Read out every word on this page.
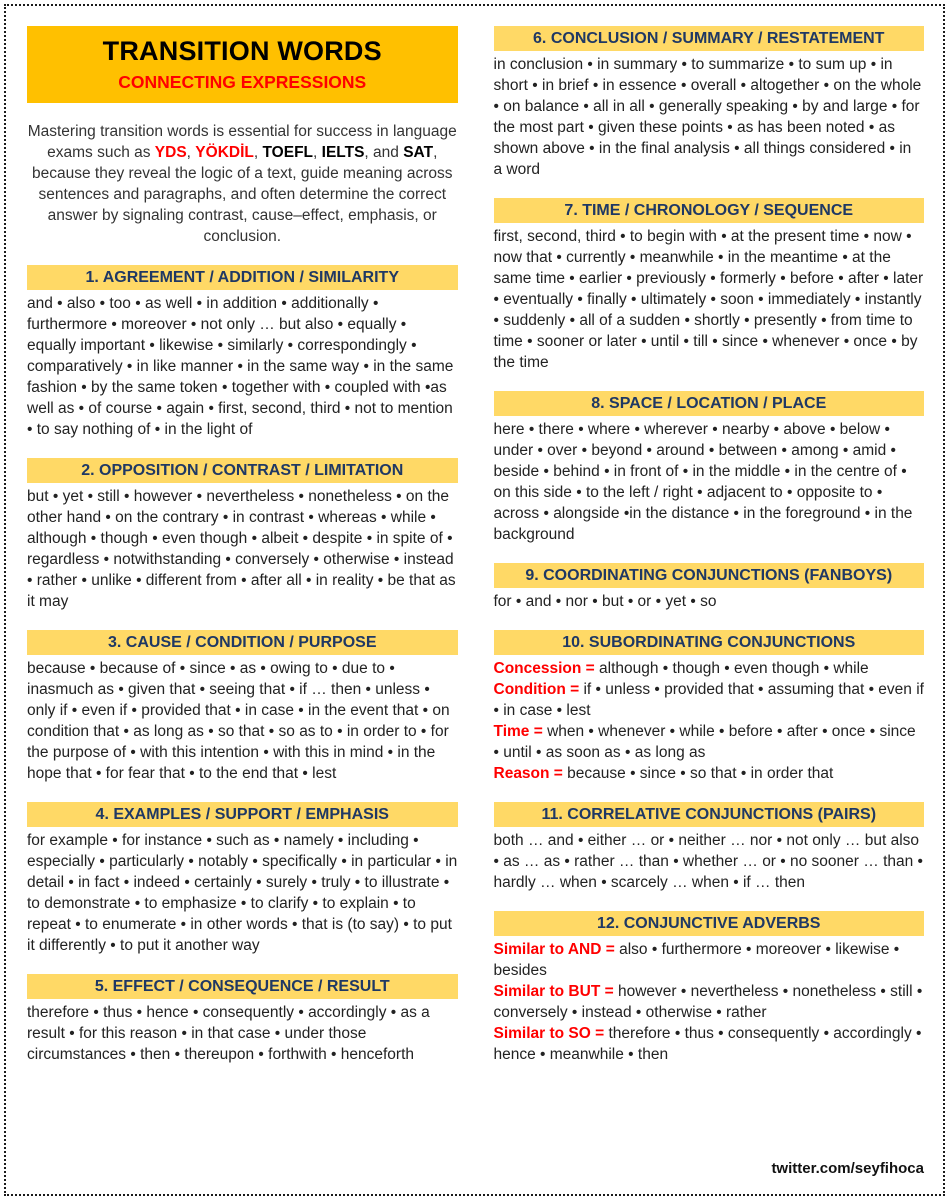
TRANSITION WORDS
CONNECTING EXPRESSIONS

Mastering transition words is essential for success in language exams such as YDS, YÖKDİL, TOEFL, IELTS, and SAT, because they reveal the logic of a text, guide meaning across sentences and paragraphs, and often determine the correct answer by signaling contrast, cause–effect, emphasis, or conclusion.

1. AGREEMENT / ADDITION / SIMILARITY
and • also • too • as well • in addition • additionally • furthermore • moreover • not only … but also • equally • equally important • likewise • similarly • correspondingly • comparatively • in like manner • in the same way • in the same fashion • by the same token • together with • coupled with •as well as • of course • again • first, second, third • not to mention • to say nothing of • in the light of
2. OPPOSITION / CONTRAST / LIMITATION
but • yet • still • however • nevertheless • nonetheless • on the other hand • on the contrary • in contrast • whereas • while • although • though • even though • albeit • despite • in spite of • regardless • notwithstanding • conversely • otherwise • instead • rather • unlike • different from • after all • in reality • be that as it may
3. CAUSE / CONDITION / PURPOSE
because • because of • since • as • owing to • due to • inasmuch as • given that • seeing that • if … then • unless • only if • even if • provided that • in case • in the event that • on condition that • as long as • so that • so as to • in order to • for the purpose of • with this intention • with this in mind • in the hope that • for fear that • to the end that • lest
4. EXAMPLES / SUPPORT / EMPHASIS
for example • for instance • such as • namely • including • especially • particularly • notably • specifically • in particular • in detail • in fact • indeed • certainly • surely • truly • to illustrate • to demonstrate • to emphasize • to clarify • to explain • to repeat • to enumerate • in other words • that is (to say) • to put it differently • to put it another way
5. EFFECT / CONSEQUENCE / RESULT
therefore • thus • hence • consequently • accordingly • as a result • for this reason • in that case • under those circumstances • then • thereupon • forthwith • henceforth
6. CONCLUSION / SUMMARY / RESTATEMENT
in conclusion • in summary • to summarize • to sum up • in short • in brief • in essence • overall • altogether • on the whole • on balance • all in all • generally speaking • by and large • for the most part • given these points • as has been noted • as shown above • in the final analysis • all things considered • in a word
7. TIME / CHRONOLOGY / SEQUENCE
first, second, third • to begin with • at the present time • now • now that • currently • meanwhile • in the meantime • at the same time • earlier • previously • formerly • before • after • later • eventually • finally • ultimately • soon • immediately • instantly • suddenly • all of a sudden • shortly • presently • from time to time • sooner or later • until • till • since • whenever • once • by the time
8. SPACE / LOCATION / PLACE
here • there • where • wherever • nearby • above • below • under • over • beyond • around • between • among • amid • beside • behind • in front of • in the middle • in the centre of • on this side • to the left / right • adjacent to • opposite to • across • alongside •in the distance • in the foreground • in the background
9. COORDINATING CONJUNCTIONS (FANBOYS)
for • and • nor • but • or • yet • so
10. SUBORDINATING CONJUNCTIONS
Concession = although • though • even though • while
Condition = if • unless • provided that • assuming that • even if • in case • lest
Time = when • whenever • while • before • after • once • since • until • as soon as • as long as
Reason = because • since • so that • in order that
11. CORRELATIVE CONJUNCTIONS (PAIRS)
both … and • either … or • neither … nor • not only … but also • as … as • rather … than • whether … or • no sooner … than •
hardly … when • scarcely … when • if … then
12. CONJUNCTIVE ADVERBS
Similar to AND = also • furthermore • moreover • likewise • besides
Similar to BUT = however • nevertheless • nonetheless • still • conversely • instead • otherwise • rather
Similar to SO = therefore • thus • consequently • accordingly • hence • meanwhile • then
twitter.com/seyfihoca
